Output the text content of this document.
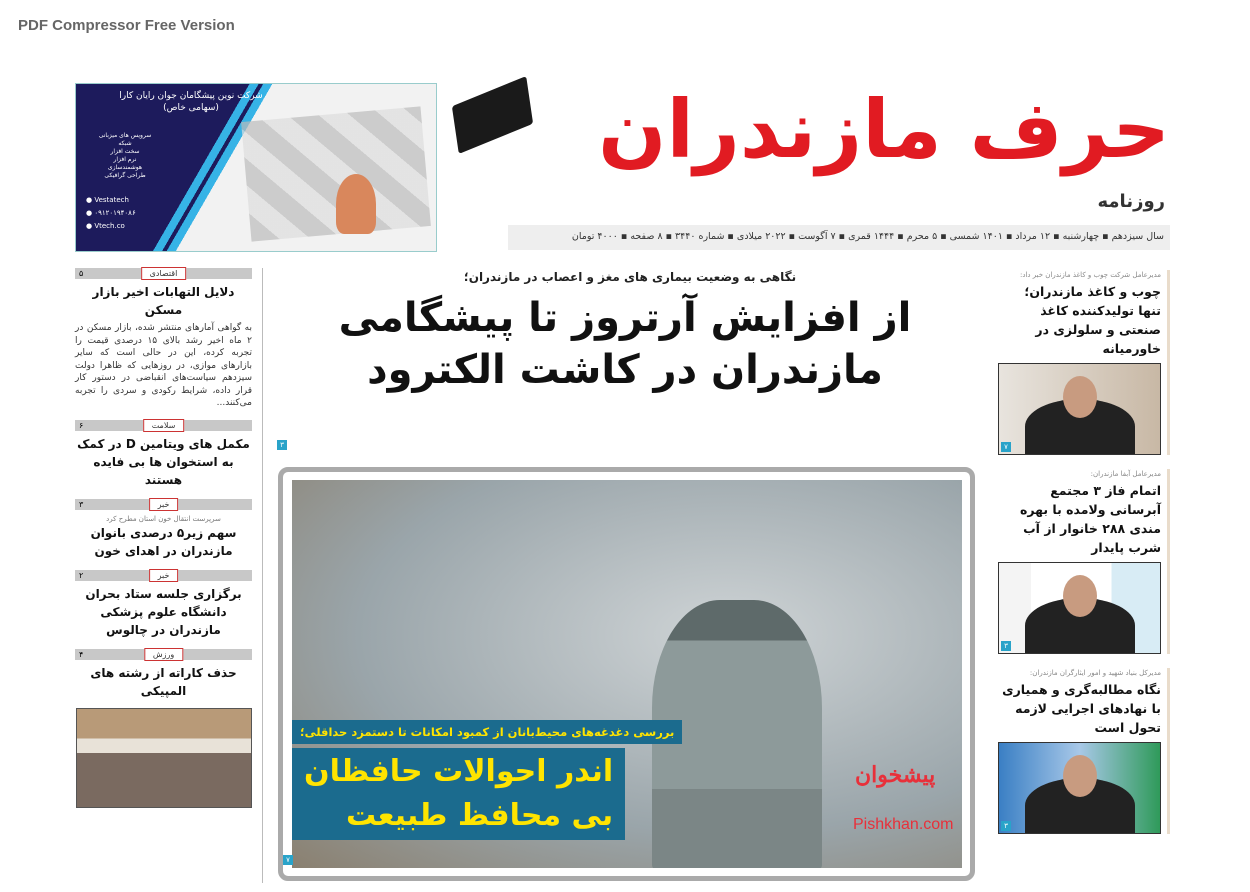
PDF Compressor Free Version
حرف مازندران
روزنامه
سال سیزدهم ▪ چهارشنبه ▪ ۱۲ مرداد ▪ ۱۴۰۱ شمسی ▪ ۵ محرم ▪ ۱۴۴۴ قمری ▪ ۷ آگوست ▪ ۲۰۲۲ میلادی ▪ شماره ۳۴۴۰ ▪ ۸ صفحه ▪ ۴۰۰۰ تومان
شرکت نوین پیشگامان جوان رایان کارا (سهامی خاص)
سرویس های میزبانی
شبکه
سخت افزار
نرم افزار
هوشمندسازی
طراحی گرافیکی
● Vestatech
● ۰۹۱۲۰۱۹۴۰۸۶
● Vtech.co
اقتصادی
۵
دلایل التهابات اخیر بازار مسکن
به گواهی آمارهای منتشر شده، بازار مسکن در ۲ ماه اخیر رشد بالای ۱۵ درصدی قیمت را تجربه کرده، این در حالی است که سایر بازارهای موازی، در روزهایی که ظاهرا دولت سیزدهم سیاست‌های انقباضی در دستور کار قرار داده، شرایط رکودی و سردی را تجربه می‌کنند...
سلامت
۶
مکمل های ویتامین D در کمک به استخوان ها بی فایده هستند
خبر
۳
سرپرست انتقال خون استان مطرح کرد
سهم زیر۵ درصدی بانوان مازندران در اهدای خون
خبر
۲
برگزاری جلسه ستاد بحران دانشگاه علوم پزشکی مازندران در چالوس
ورزش
۴
حذف کاراته از رشته های المپیکی
نگاهی به وضعیت بیماری های مغز و اعصاب در مازندران؛
از افزایش آرتروز تا پیشگامی مازندران در کاشت الکترود
۳
بررسی دغدغه‌های محیط‌بانان از کمبود امکانات تا دستمزد حداقلی؛
اندر احوالات حافظان
بی محافظ طبیعت
۷
پیشخوان
Pishkhan.com
مدیرعامل شرکت چوب و کاغذ مازندران خبر داد:
چوب و کاغذ مازندران؛ تنها تولیدکننده کاغذ صنعتی و سلولزی در خاورمیانه
۷
مدیرعامل آبفا مازندران:
اتمام فاز ۳ مجتمع آبرسانی ولامده با بهره مندی ۲۸۸ خانوار از آب شرب پایدار
۳
مدیرکل بنیاد شهید و امور ایثارگران مازندران:
نگاه مطالبه‌گری و همیاری با نهادهای اجرایی لازمه تحول است
۳
